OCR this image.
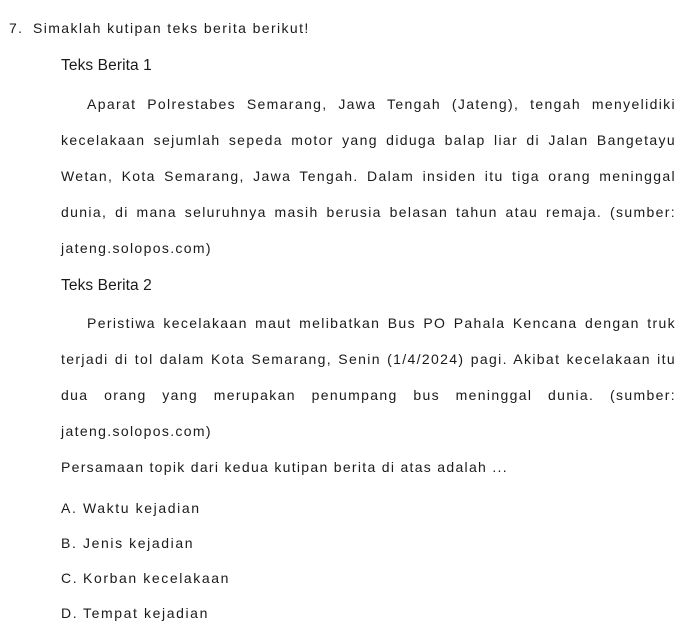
7. Simaklah kutipan teks berita berikut!
Teks Berita 1

Aparat Polrestabes Semarang, Jawa Tengah (Jateng), tengah menyelidiki kecelakaan sejumlah sepeda motor yang diduga balap liar di Jalan Bangetayu Wetan, Kota Semarang, Jawa Tengah. Dalam insiden itu tiga orang meninggal dunia, di mana seluruhnya masih berusia belasan tahun atau remaja. (sumber: jateng.solopos.com)

Teks Berita 2

Peristiwa kecelakaan maut melibatkan Bus PO Pahala Kencana dengan truk terjadi di tol dalam Kota Semarang, Senin (1/4/2024) pagi. Akibat kecelakaan itu dua orang yang merupakan penumpang bus meninggal dunia. (sumber: jateng.solopos.com)

Persamaan topik dari kedua kutipan berita di atas adalah ...
A. Waktu kejadian
B. Jenis kejadian
C. Korban kecelakaan
D. Tempat kejadian
